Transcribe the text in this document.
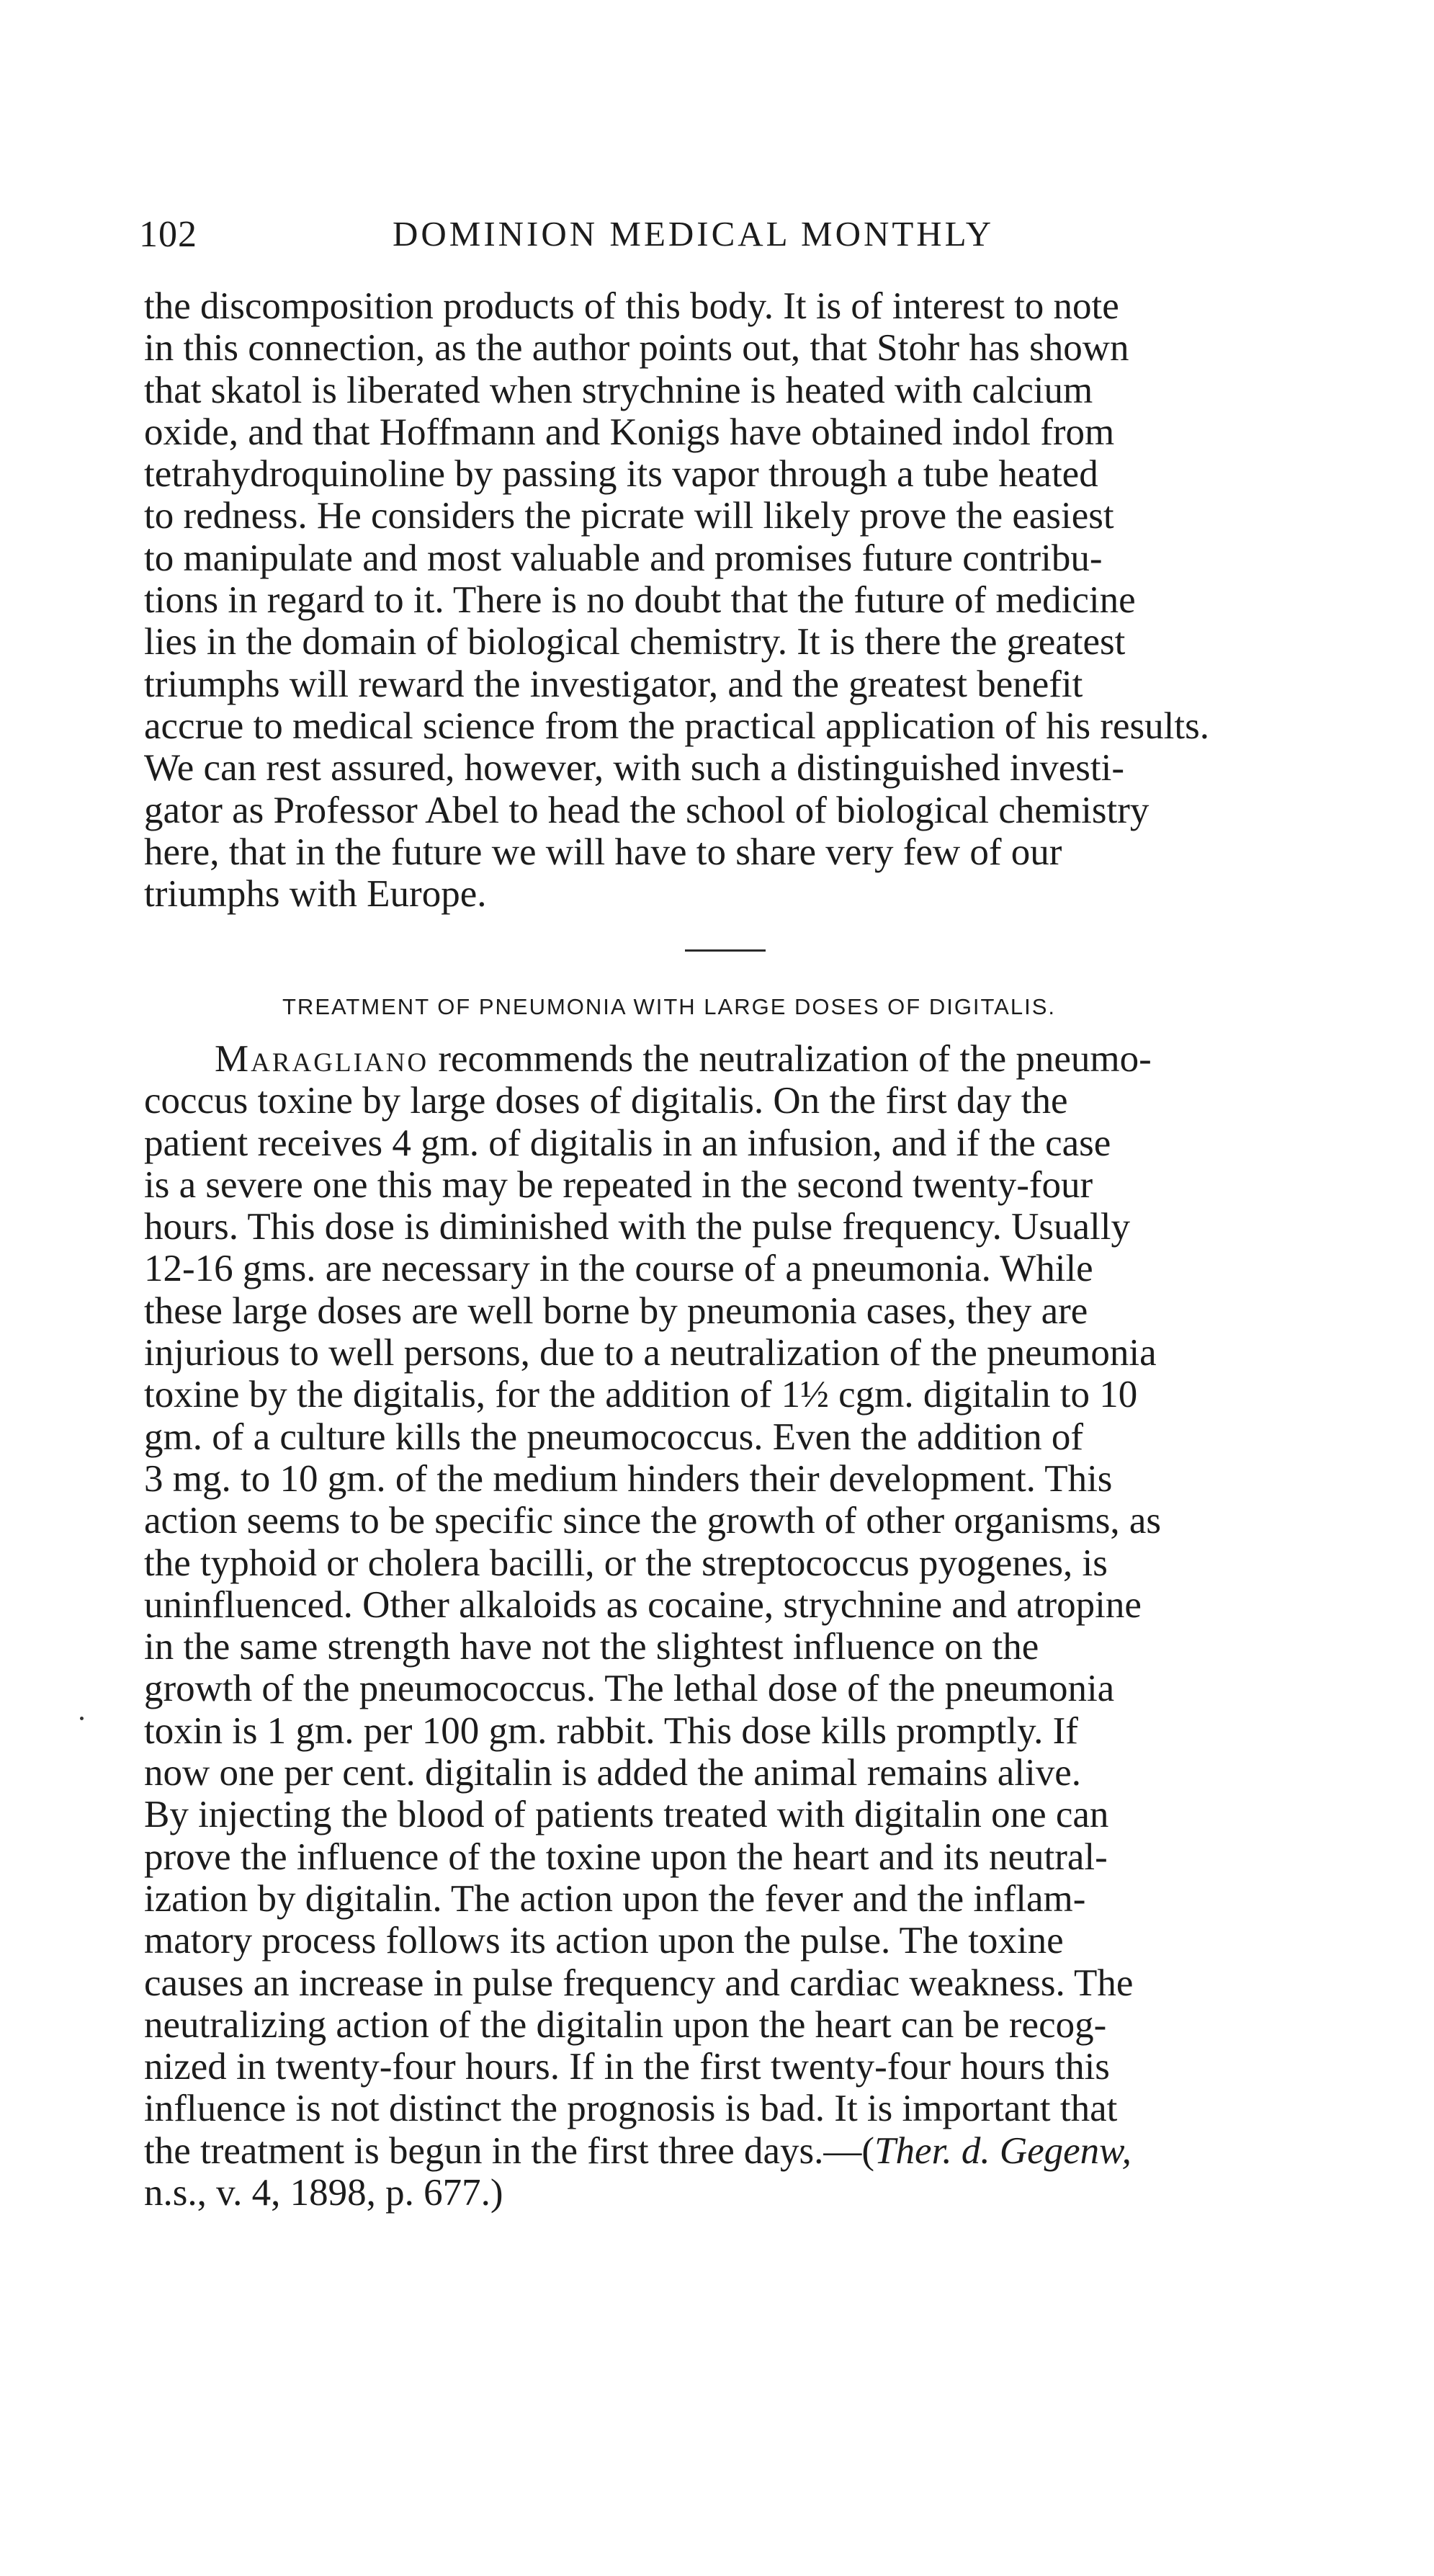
102	DOMINION MEDICAL MONTHLY
the discomposition products of this body. It is of interest to note
in this connection, as the author points out, that Stohr has shown
that skatol is liberated when strychnine is heated with calcium
oxide, and that Hoffmann and Konigs have obtained indol from
tetrahydroquinoline by passing its vapor through a tube heated
to redness. He considers the picrate will likely prove the easiest
to manipulate and most valuable and promises future contribu-
tions in regard to it. There is no doubt that the future of medicine
lies in the domain of biological chemistry. It is there the greatest
triumphs will reward the investigator, and the greatest benefit
accrue to medical science from the practical application of his results.
We can rest assured, however, with such a distinguished investi-
gator as Professor Abel to head the school of biological chemistry
here, that in the future we will have to share very few of our
triumphs with Europe.
TREATMENT OF PNEUMONIA WITH LARGE DOSES OF DIGITALIS.
Maragliano recommends the neutralization of the pneumo-
coccus toxine by large doses of digitalis. On the first day the
patient receives 4 gm. of digitalis in an infusion, and if the case
is a severe one this may be repeated in the second twenty-four
hours. This dose is diminished with the pulse frequency. Usually
12-16 gms. are necessary in the course of a pneumonia. While
these large doses are well borne by pneumonia cases, they are
injurious to well persons, due to a neutralization of the pneumonia
toxine by the digitalis, for the addition of 1½ cgm. digitalin to 10
gm. of a culture kills the pneumococcus. Even the addition of
3 mg. to 10 gm. of the medium hinders their development. This
action seems to be specific since the growth of other organisms, as
the typhoid or cholera bacilli, or the streptococcus pyogenes, is
uninfluenced. Other alkaloids as cocaine, strychnine and atropine
in the same strength have not the slightest influence on the
growth of the pneumococcus. The lethal dose of the pneumonia
toxin is 1 gm. per 100 gm. rabbit. This dose kills promptly. If
now one per cent. digitalin is added the animal remains alive.
By injecting the blood of patients treated with digitalin one can
prove the influence of the toxine upon the heart and its neutral-
ization by digitalin. The action upon the fever and the inflam-
matory process follows its action upon the pulse. The toxine
causes an increase in pulse frequency and cardiac weakness. The
neutralizing action of the digitalin upon the heart can be recog-
nized in twenty-four hours. If in the first twenty-four hours this
influence is not distinct the prognosis is bad. It is important that
the treatment is begun in the first three days.—(Ther. d. Gegenw,
n.s., v. 4, 1898, p. 677.)
